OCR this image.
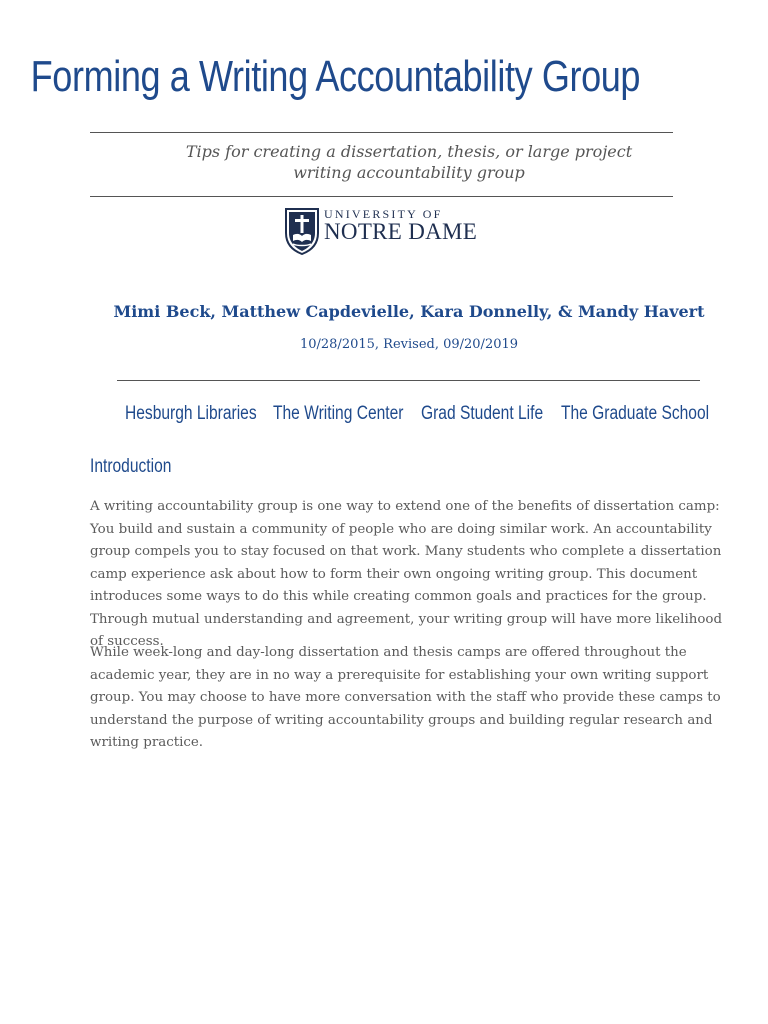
Forming a Writing Accountability Group
Tips for creating a dissertation, thesis, or large project
writing accountability group
UNIVERSITY OF
NOTRE DAME
Mimi Beck, Matthew Capdevielle, Kara Donnelly, & Mandy Havert
10/28/2015, Revised, 09/20/2019
Hesburgh Libraries The Writing Center Grad Student Life The Graduate School
Introduction

A writing accountability group is one way to extend one of the benefits of dissertation camp: You build and sustain a community of people who are doing similar work. An accountability group compels you to stay focused on that work. Many students who complete a dissertation camp experience ask about how to form their own ongoing writing group. This document introduces some ways to do this while creating common goals and practices for the group. Through mutual understanding and agreement, your writing group will have more likelihood of success.

While week-long and day-long dissertation and thesis camps are offered throughout the academic year, they are in no way a prerequisite for establishing your own writing support group. You may choose to have more conversation with the staff who provide these camps to understand the purpose of writing accountability groups and building regular research and writing practice.
